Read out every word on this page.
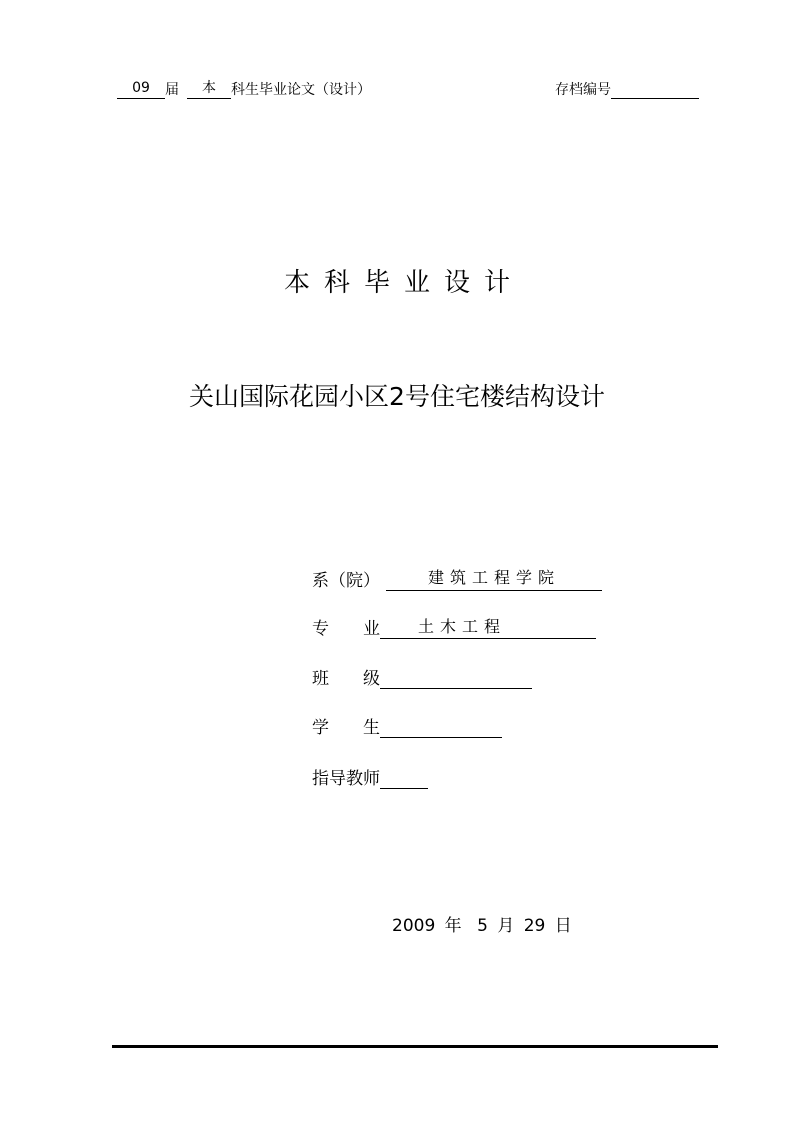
09 届 本 科生毕业论文（设计）	存档编号
本科毕业设计
关山国际花园小区2号住宅楼结构设计
系（院）	建筑工程学院
专　　业 土木工程
班　　级
学　　生
指导教师
2009 年 5 月 29 日
